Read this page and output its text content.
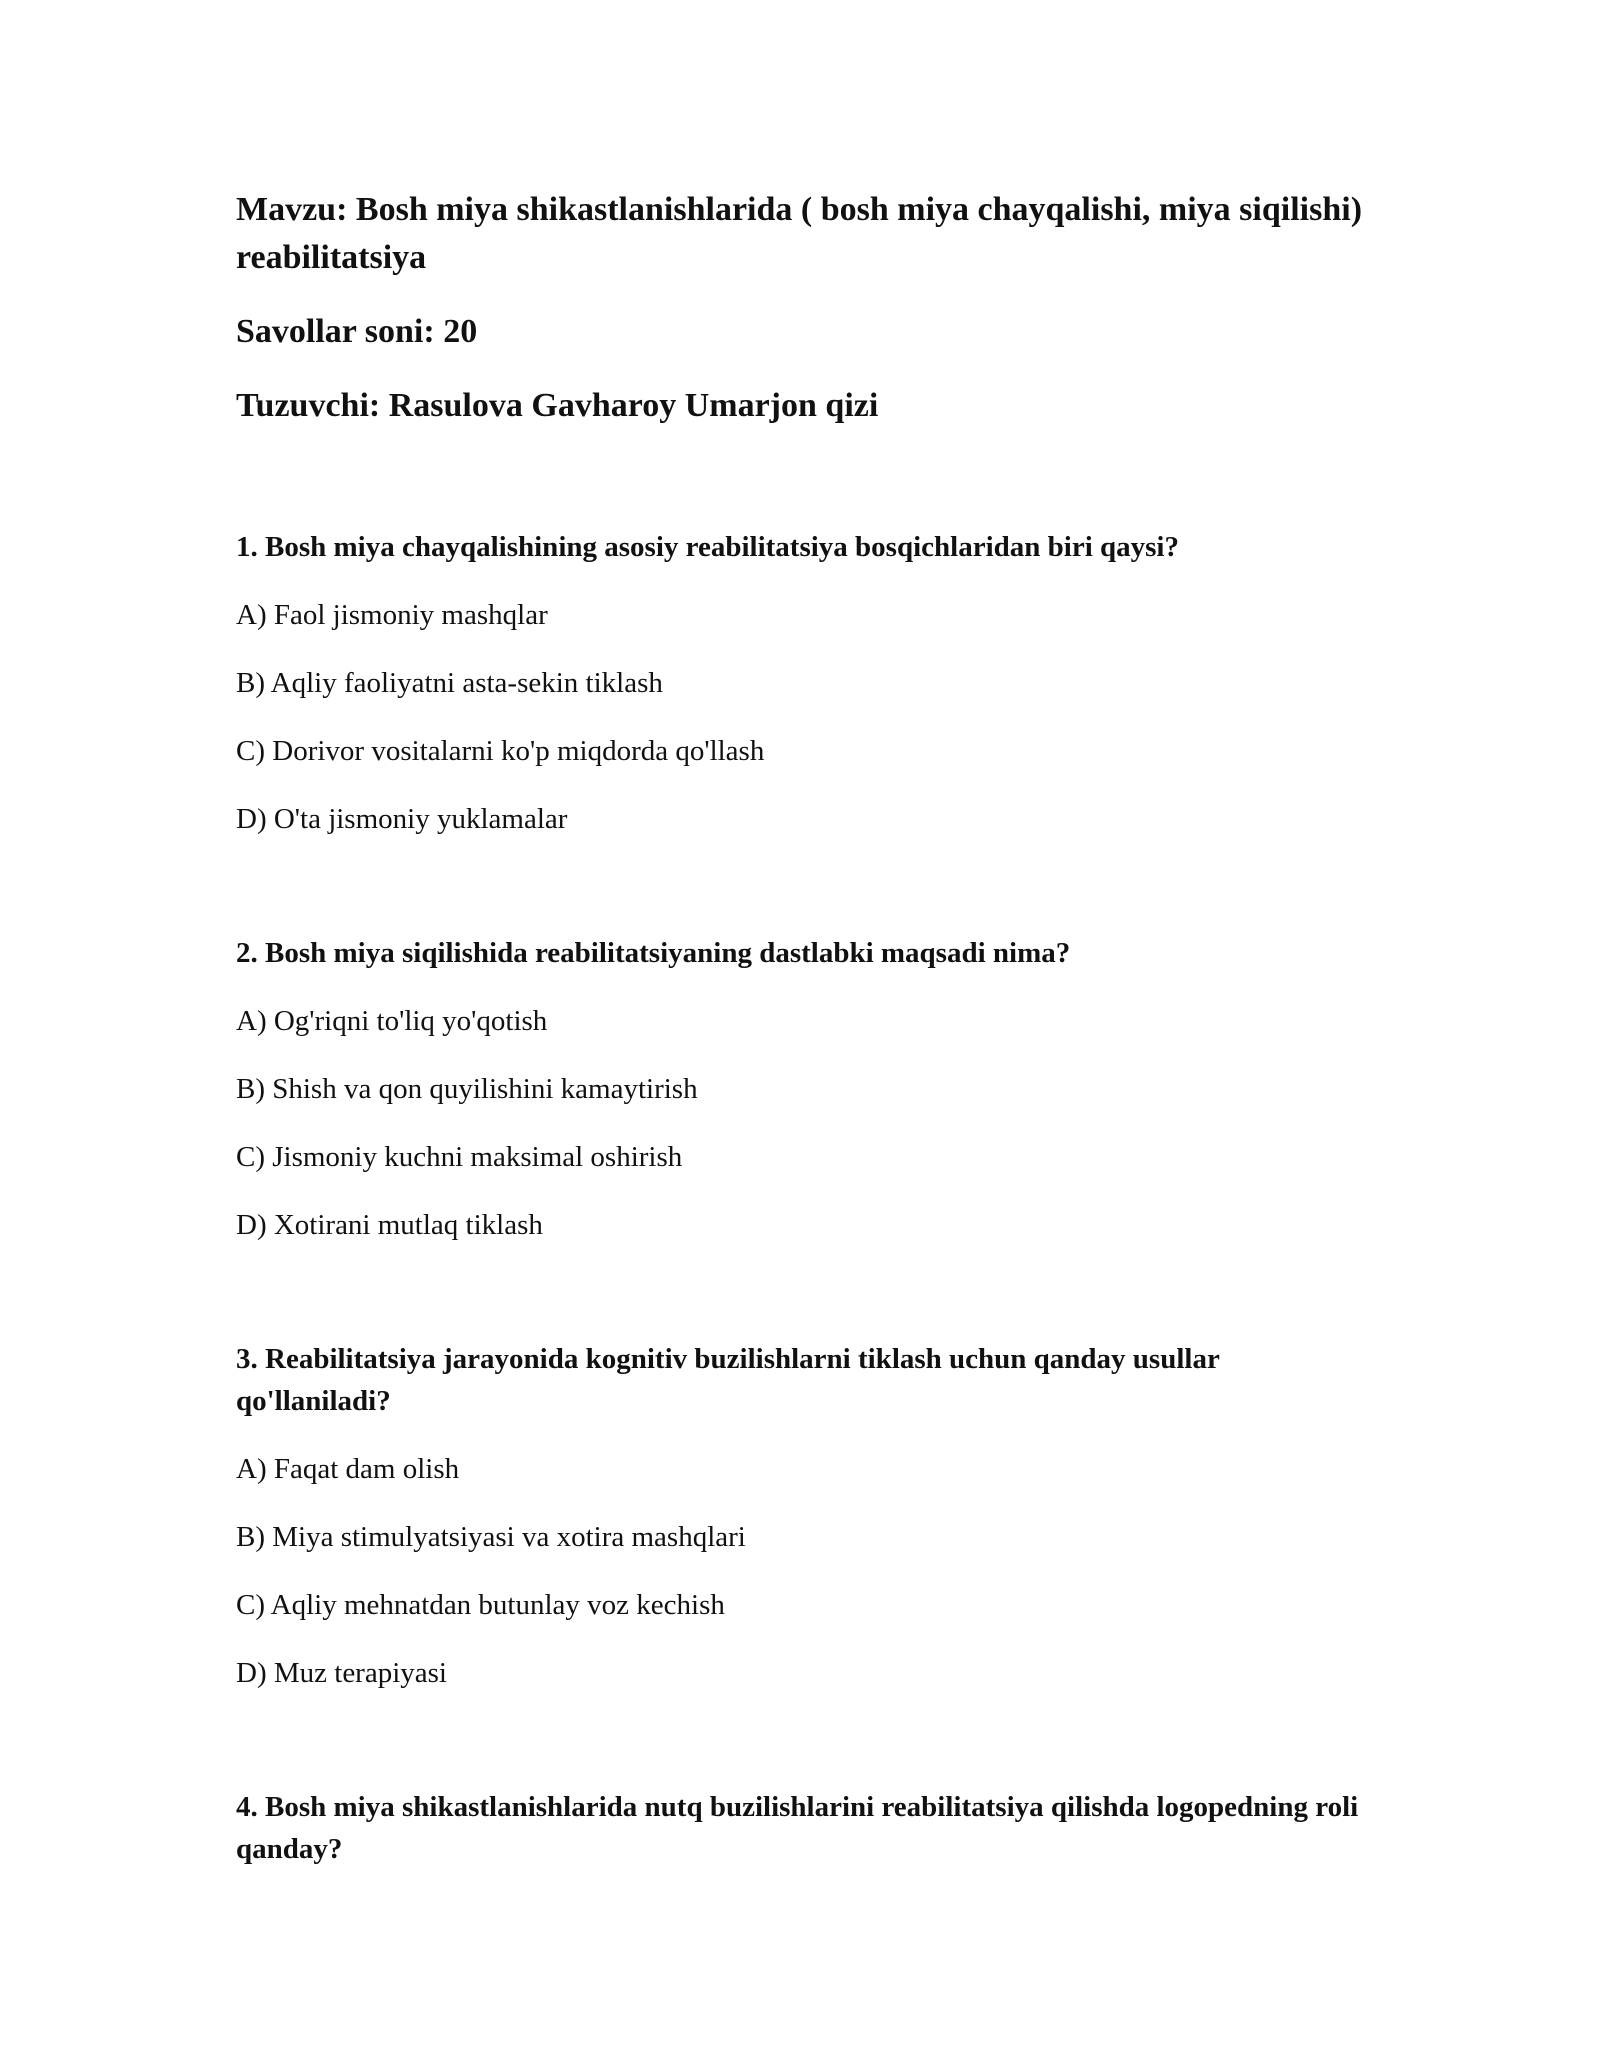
Mavzu: Bosh miya shikastlanishlarida ( bosh miya chayqalishi, miya siqilishi) reabilitatsiya

Savollar soni: 20

Tuzuvchi: Rasulova Gavharoy Umarjon qizi

1. Bosh miya chayqalishining asosiy reabilitatsiya bosqichlaridan biri qaysi?

A) Faol jismoniy mashqlar
B) Aqliy faoliyatni asta-sekin tiklash
C) Dorivor vositalarni ko'p miqdorda qo'llash
D) O'ta jismoniy yuklamalar

2. Bosh miya siqilishida reabilitatsiyaning dastlabki maqsadi nima?

A) Og'riqni to'liq yo'qotish
B) Shish va qon quyilishini kamaytirish
C) Jismoniy kuchni maksimal oshirish
D) Xotirani mutlaq tiklash

3. Reabilitatsiya jarayonida kognitiv buzilishlarni tiklash uchun qanday usullar qo'llaniladi?

A) Faqat dam olish
B) Miya stimulyatsiyasi va xotira mashqlari
C) Aqliy mehnatdan butunlay voz kechish
D) Muz terapiyasi

4. Bosh miya shikastlanishlarida nutq buzilishlarini reabilitatsiya qilishda logopedning roli qanday?
